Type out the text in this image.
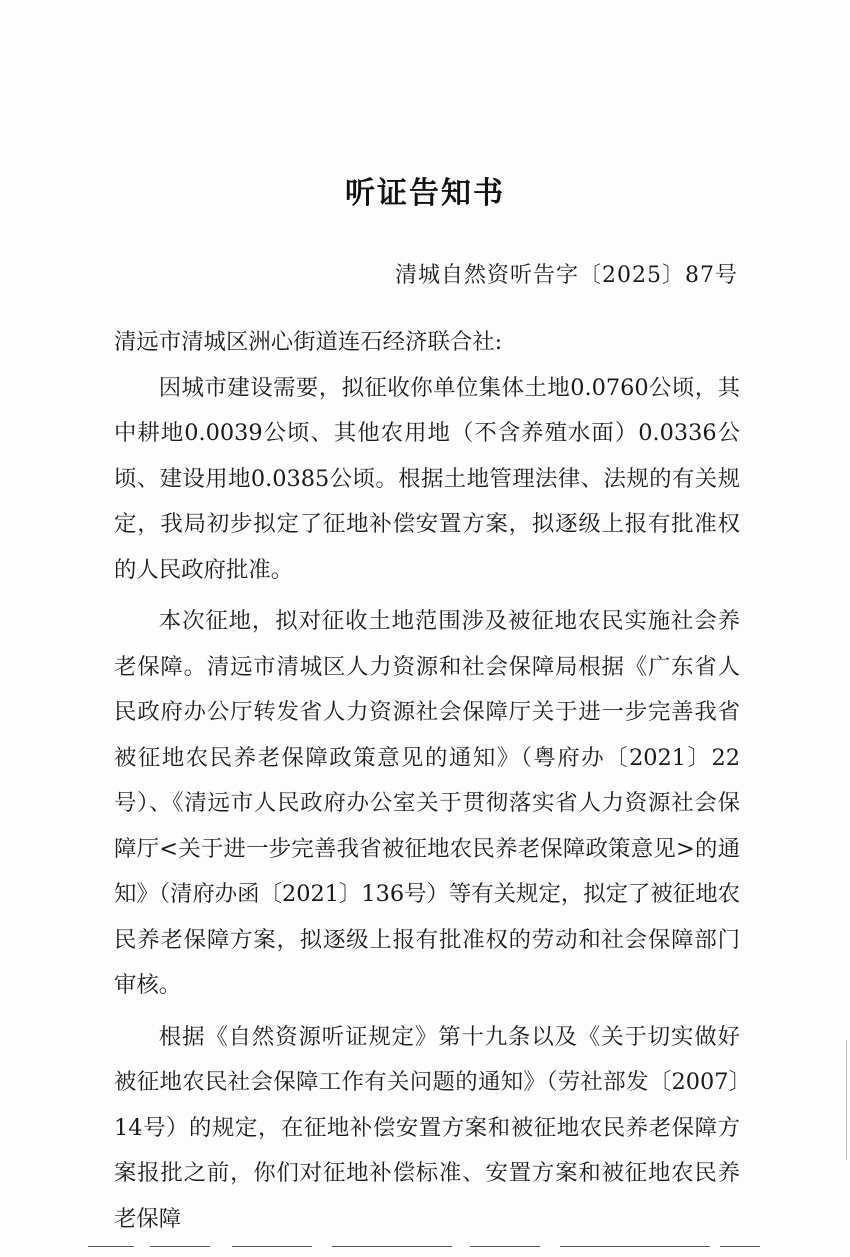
听证告知书
清城自然资听告字〔2025〕87号

清远市清城区洲心街道连石经济联合社:

因城市建设需要，拟征收你单位集体土地0.0760公顷，其中耕地0.0039公顷、其他农用地（不含养殖水面）0.0336公顷、建设用地0.0385公顷。根据土地管理法律、法规的有关规定，我局初步拟定了征地补偿安置方案，拟逐级上报有批准权的人民政府批准。

本次征地，拟对征收土地范围涉及被征地农民实施社会养老保障。清远市清城区人力资源和社会保障局根据《广东省人民政府办公厅转发省人力资源社会保障厅关于进一步完善我省被征地农民养老保障政策意见的通知》（粤府办〔2021〕22号）、《清远市人民政府办公室关于贯彻落实省人力资源社会保障厅<关于进一步完善我省被征地农民养老保障政策意见>的通知》（清府办函〔2021〕136号）等有关规定，拟定了被征地农民养老保障方案，拟逐级上报有批准权的劳动和社会保障部门审核。

根据《自然资源听证规定》第十九条以及《关于切实做好被征地农民社会保障工作有关问题的通知》（劳社部发〔2007〕14号）的规定，在征地补偿安置方案和被征地农民养老保障方案报批之前，你们对征地补偿标准、安置方案和被征地农民养老保障
